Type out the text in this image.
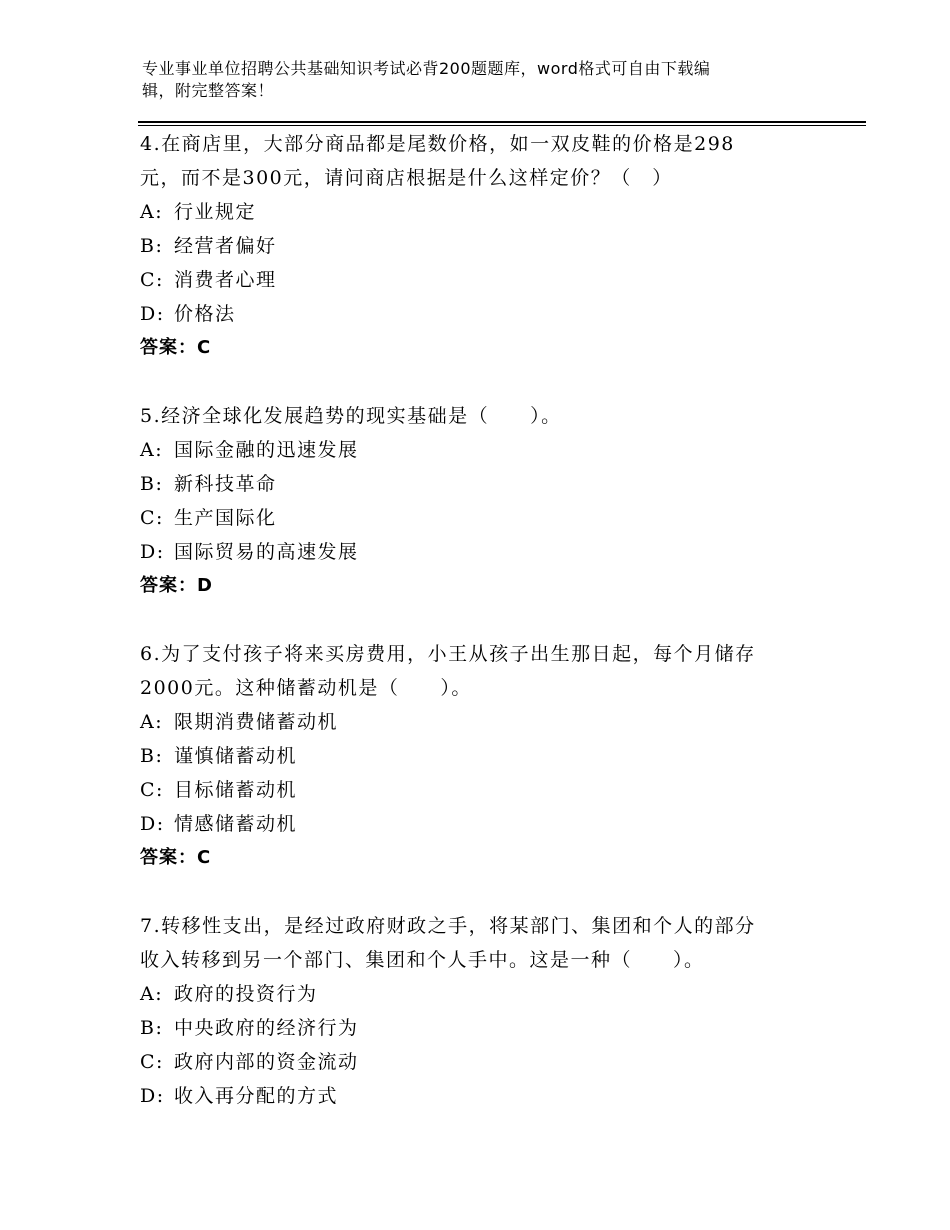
专业事业单位招聘公共基础知识考试必背200题题库，word格式可自由下载编
辑，附完整答案！

4.在商店里，大部分商品都是尾数价格，如一双皮鞋的价格是298

元，而不是300元，请问商店根据是什么这样定价？（　）

A: 行业规定

B: 经营者偏好

C: 消费者心理

D: 价格法

答案：C

5.经济全球化发展趋势的现实基础是（　　）。

A: 国际金融的迅速发展

B: 新科技革命

C: 生产国际化

D: 国际贸易的高速发展

答案：D

6.为了支付孩子将来买房费用，小王从孩子出生那日起，每个月储存

2000元。这种储蓄动机是（　　）。

A: 限期消费储蓄动机

B: 谨慎储蓄动机

C: 目标储蓄动机

D: 情感储蓄动机

答案：C

7.转移性支出，是经过政府财政之手，将某部门、集团和个人的部分

收入转移到另一个部门、集团和个人手中。这是一种（　　）。

A: 政府的投资行为

B: 中央政府的经济行为

C: 政府内部的资金流动

D: 收入再分配的方式
